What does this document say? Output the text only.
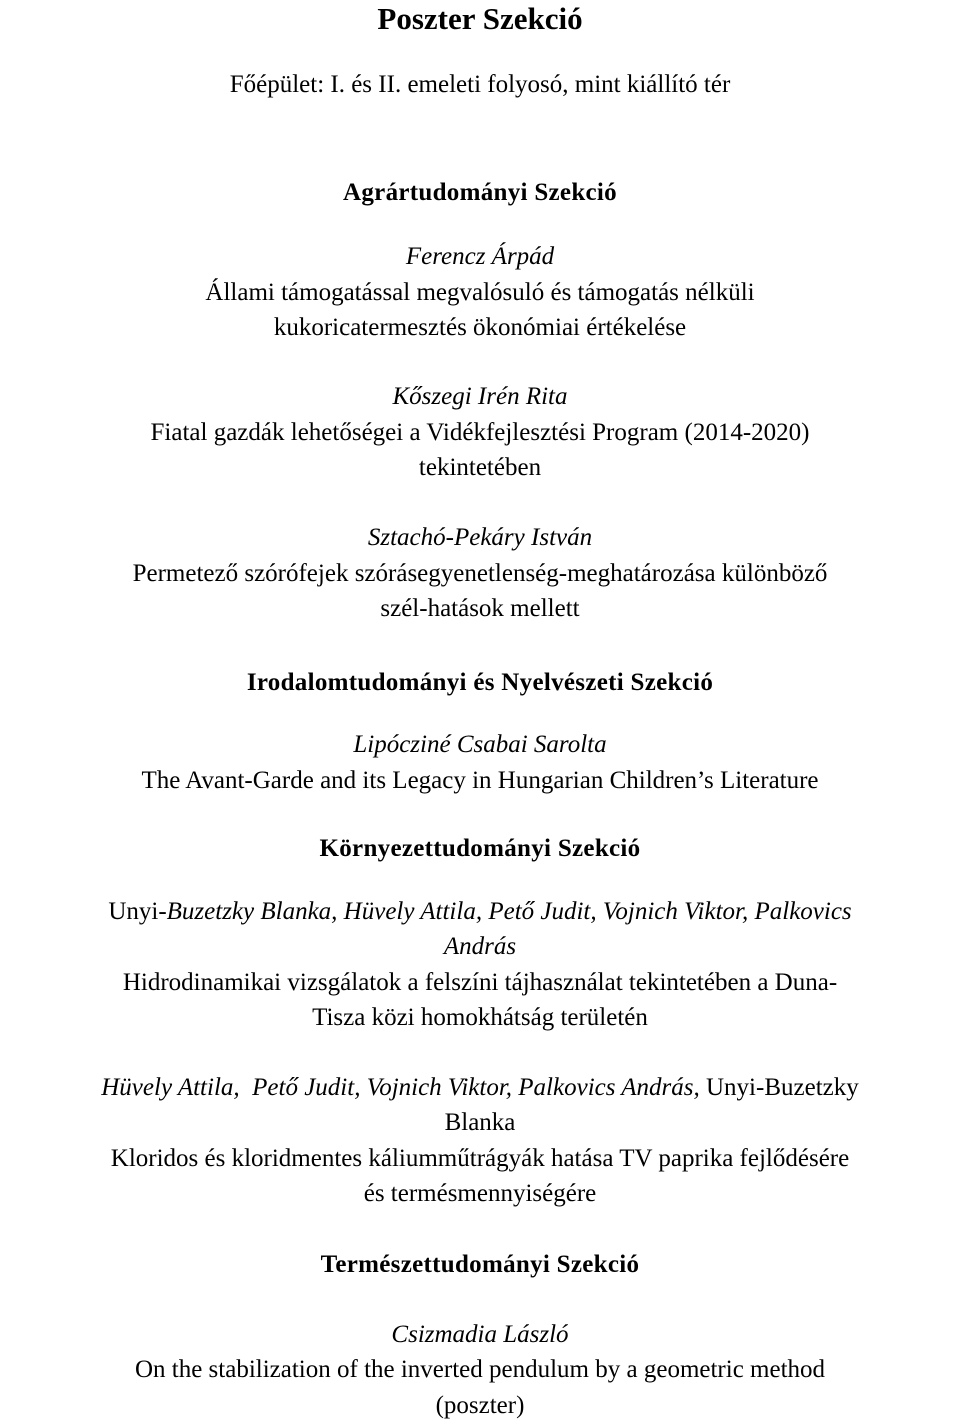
Poszter Szekció
Főépület: I. és II. emeleti folyosó, mint kiállító tér
Agrártudományi Szekció
Ferencz Árpád
Állami támogatással megvalósuló és támogatás nélküli
kukoricatermesztés ökonómiai értékelése
Kőszegi Irén Rita
Fiatal gazdák lehetőségei a Vidékfejlesztési Program (2014-2020)
tekintetében
Sztachó-Pekáry István
Permetező szórófejek szórásegyenetlenség-meghatározása különböző
szél-hatások mellett
Irodalomtudományi és Nyelvészeti Szekció
Lipócziné Csabai Sarolta
The Avant-Garde and its Legacy in Hungarian Children’s Literature
Környezettudományi Szekció
Unyi-Buzetzky Blanka, Hüvely Attila, Pető Judit, Vojnich Viktor, Palkovics
András
Hidrodinamikai vizsgálatok a felszíni tájhasználat tekintetében a Duna-
Tisza közi homokhátság területén
Hüvely Attila,  Pető Judit, Vojnich Viktor, Palkovics András, Unyi-Buzetzky
Blanka
Kloridos és kloridmentes káliumműtrágyák hatása TV paprika fejlődésére
és termésmennyiségére
Természettudományi Szekció
Csizmadia László
On the stabilization of the inverted pendulum by a geometric method
(poszter)
